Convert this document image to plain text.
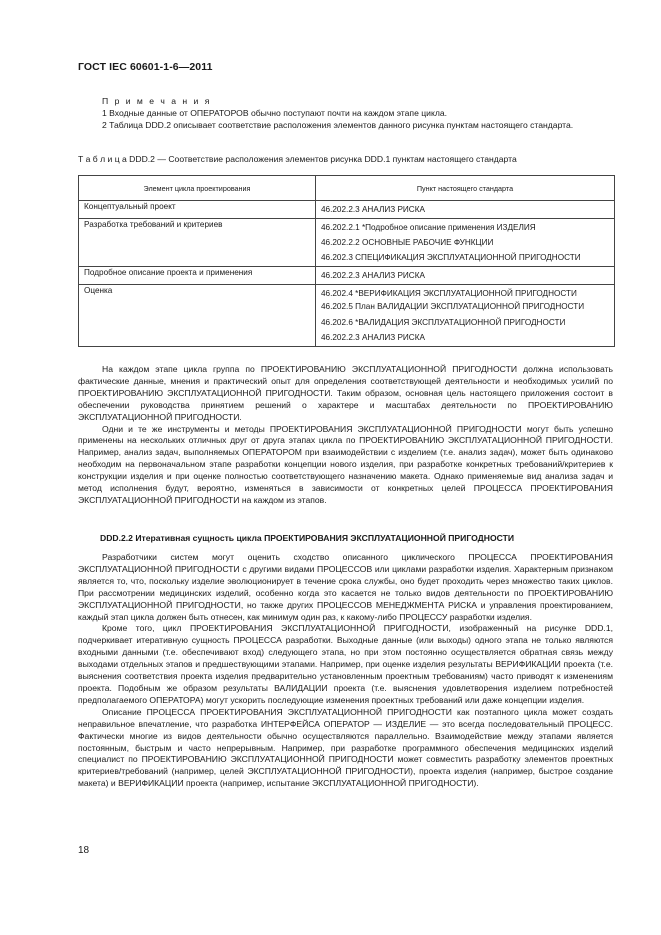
ГОСТ IEC 60601-1-6—2011

П р и м е ч а н и я

1 Входные данные от ОПЕРАТОРОВ обычно поступают почти на каждом этапе цикла.

2 Таблица DDD.2 описывает соответствие расположения элементов данного рисунка пунктам настоящего стандарта.

Т а б л и ц а DDD.2 — Соответствие расположения элементов рисунка DDD.1 пунктам настоящего стандарта
Элемент цикла проектирования	Пункт настоящего стандарта
Концептуальный проект	46.202.2.3 АНАЛИЗ РИСКА

Разработка требований и критериев	46.202.2.1 *Подробное описание применения ИЗДЕЛИЯ
46.202.2.2 ОСНОВНЫЕ РАБОЧИЕ ФУНКЦИИ
46.202.3 СПЕЦИФИКАЦИЯ ЭКСПЛУАТАЦИОННОЙ ПРИГОДНОСТИ

Подробное описание проекта и применения	46.202.2.3 АНАЛИЗ РИСКА

Оценка	46.202.4 *ВЕРИФИКАЦИЯ ЭКСПЛУАТАЦИОННОЙ ПРИГОДНОСТИ
46.202.5 План ВАЛИДАЦИИ ЭКСПЛУАТАЦИОННОЙ ПРИГОДНОСТИ
46.202.6 *ВАЛИДАЦИЯ ЭКСПЛУАТАЦИОННОЙ ПРИГОДНОСТИ
46.202.2.3 АНАЛИЗ РИСКА

На каждом этапе цикла группа по ПРОЕКТИРОВАНИЮ ЭКСПЛУАТАЦИОННОЙ ПРИГОДНОСТИ должна использовать фактические данные, мнения и практический опыт для определения соответствующей деятельности и необходимых усилий по ПРОЕКТИРОВАНИЮ ЭКСПЛУАТАЦИОННОЙ ПРИГОДНОСТИ. Таким образом, основная цель настоящего приложения состоит в обеспечении руководства принятием решений о характере и масштабах деятельности по ПРОЕКТИРОВАНИЮ ЭКСПЛУАТАЦИОННОЙ ПРИГОДНОСТИ.

Одни и те же инструменты и методы ПРОЕКТИРОВАНИЯ ЭКСПЛУАТАЦИОННОЙ ПРИГОДНОСТИ могут быть успешно применены на нескольких отличных друг от друга этапах цикла по ПРОЕКТИРОВАНИЮ ЭКСПЛУАТАЦИОННОЙ ПРИГОДНОСТИ. Например, анализ задач, выполняемых ОПЕРАТОРОМ при взаимодействии с изделием (т.е. анализ задач), может быть одинаково необходим на первоначальном этапе разработки концепции нового изделия, при разработке конкретных требований/критериев к конструкции изделия и при оценке полностью соответствующего назначению макета. Однако применяемые вид анализа задач и метод исполнения будут, вероятно, изменяться в зависимости от конкретных целей ПРОЦЕССА ПРОЕКТИРОВАНИЯ ЭКСПЛУАТАЦИОННОЙ ПРИГОДНОСТИ на каждом из этапов.

DDD.2.2 Итеративная сущность цикла ПРОЕКТИРОВАНИЯ ЭКСПЛУАТАЦИОННОЙ ПРИГОДНОСТИ

Разработчики систем могут оценить сходство описанного циклического ПРОЦЕССА ПРОЕКТИРОВАНИЯ ЭКСПЛУАТАЦИОННОЙ ПРИГОДНОСТИ с другими видами ПРОЦЕССОВ или циклами разработки изделия. Характерным признаком является то, что, поскольку изделие эволюционирует в течение срока службы, оно будет проходить через множество таких циклов. При рассмотрении медицинских изделий, особенно когда это касается не только видов деятельности по ПРОЕКТИРОВАНИЮ ЭКСПЛУАТАЦИОННОЙ ПРИГОДНОСТИ, но также других ПРОЦЕССОВ МЕНЕДЖМЕНТА РИСКА и управления проектированием, каждый этап цикла должен быть отнесен, как минимум один раз, к какому-либо ПРОЦЕССУ разработки изделия.

Кроме того, цикл ПРОЕКТИРОВАНИЯ ЭКСПЛУАТАЦИОННОЙ ПРИГОДНОСТИ, изображенный на рисунке DDD.1, подчеркивает итеративную сущность ПРОЦЕССА разработки. Выходные данные (или выходы) одного этапа не только являются входными данными (т.е. обеспечивают вход) следующего этапа, но при этом постоянно осуществляется обратная связь между выходами отдельных этапов и предшествующими этапами. Например, при оценке изделия результаты ВЕРИФИКАЦИИ проекта (т.е. выяснения соответствия проекта изделия предварительно установленным проектным требованиям) часто приводят к изменениям проекта. Подобным же образом результаты ВАЛИДАЦИИ проекта (т.е. выяснения удовлетворения изделием потребностей предполагаемого ОПЕРАТОРА) могут ускорить последующие изменения проектных требований или даже концепции изделия.

Описание ПРОЦЕССА ПРОЕКТИРОВАНИЯ ЭКСПЛУАТАЦИОННОЙ ПРИГОДНОСТИ как поэтапного цикла может создать неправильное впечатление, что разработка ИНТЕРФЕЙСА ОПЕРАТОР — ИЗДЕЛИЕ — это всегда последовательный ПРОЦЕСС. Фактически многие из видов деятельности обычно осуществляются параллельно. Взаимодействие между этапами является постоянным, быстрым и часто непрерывным. Например, при разработке программного обеспечения медицинских изделий специалист по ПРОЕКТИРОВАНИЮ ЭКСПЛУАТАЦИОННОЙ ПРИГОДНОСТИ может совместить разработку элементов проектных критериев/требований (например, целей ЭКСПЛУАТАЦИОННОЙ ПРИГОДНОСТИ), проекта изделия (например, быстрое создание макета) и ВЕРИФИКАЦИИ проекта (например, испытание ЭКСПЛУАТАЦИОННОЙ ПРИГОДНОСТИ).

18
